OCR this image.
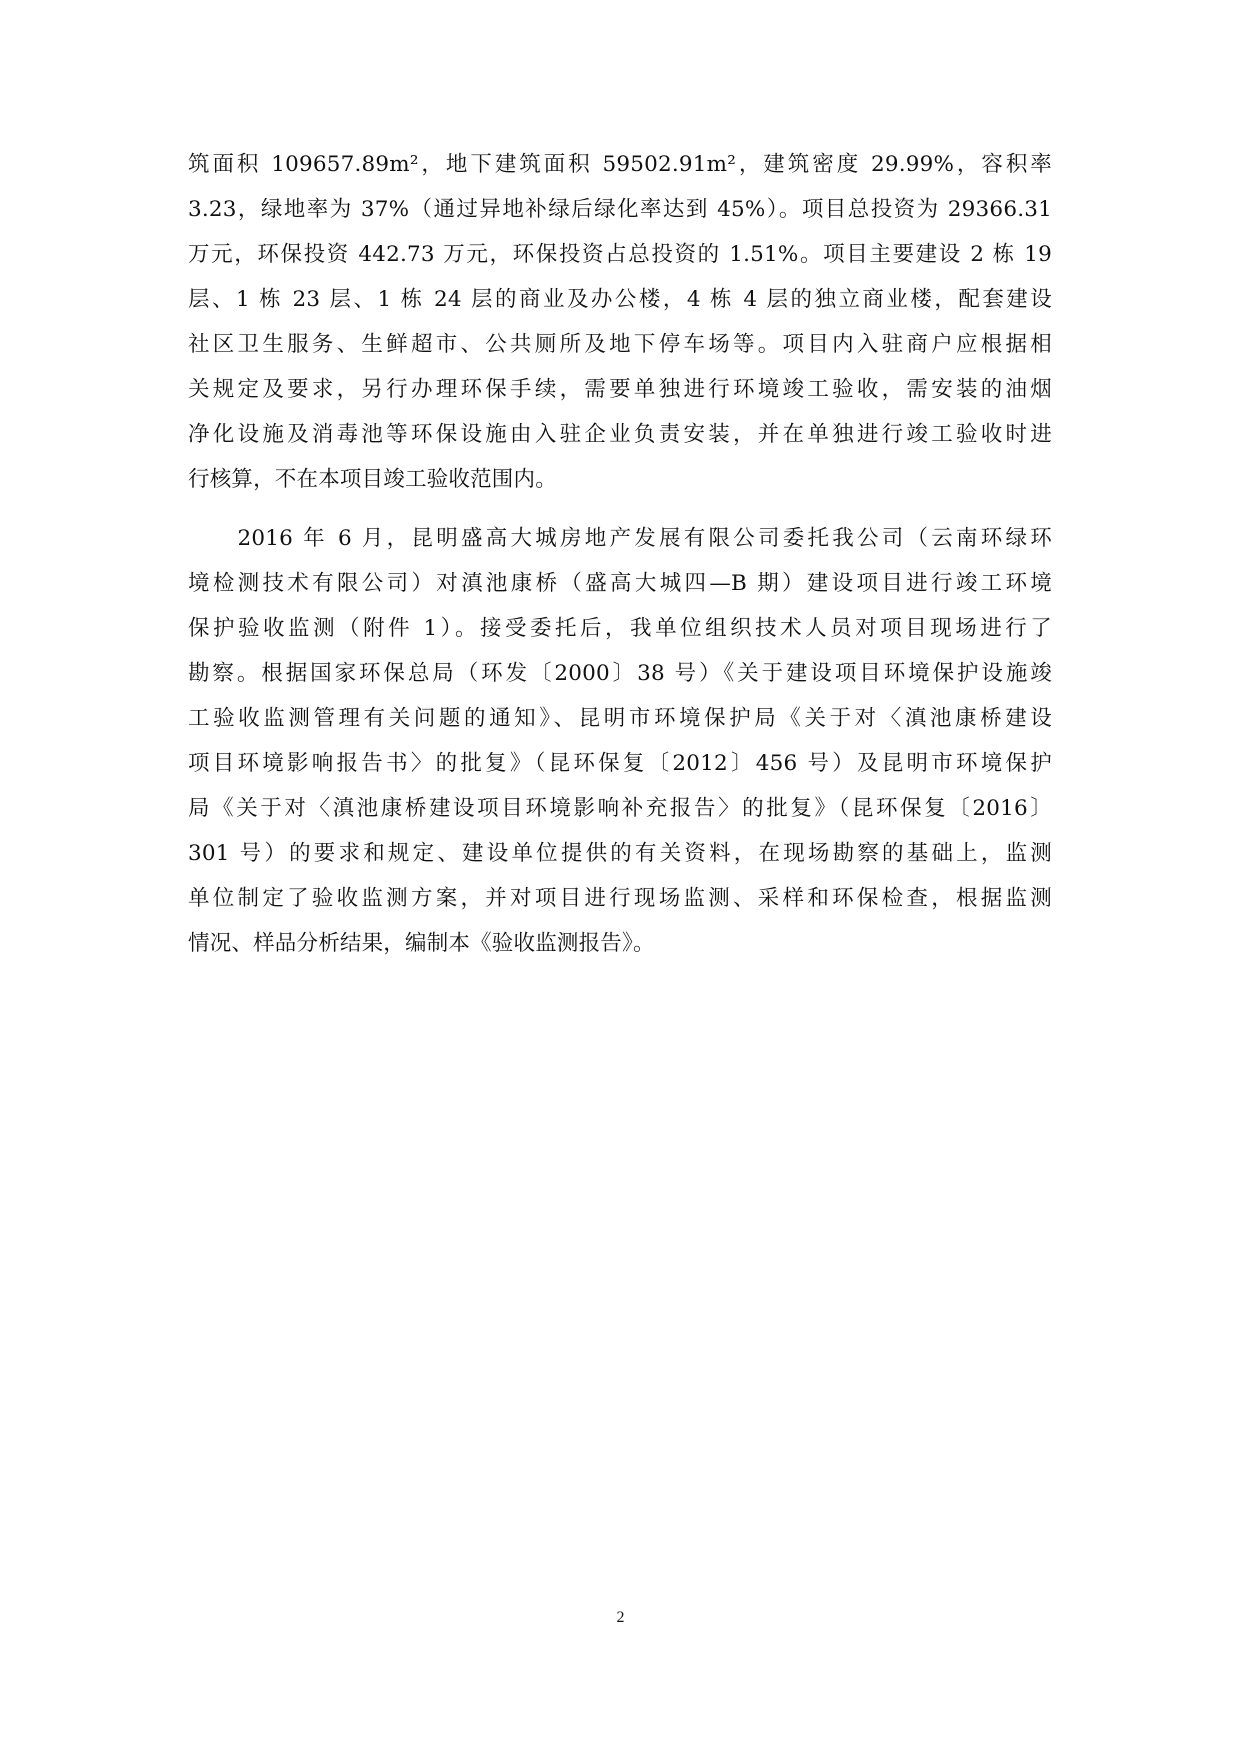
筑面积 109657.89m²，地下建筑面积 59502.91m²，建筑密度 29.99%，容积率
3.23，绿地率为 37%（通过异地补绿后绿化率达到 45%）。项目总投资为 29366.31
万元，环保投资 442.73 万元，环保投资占总投资的 1.51%。项目主要建设 2 栋 19
层、1 栋 23 层、1 栋 24 层的商业及办公楼，4 栋 4 层的独立商业楼，配套建设
社区卫生服务、生鲜超市、公共厕所及地下停车场等。项目内入驻商户应根据相
关规定及要求，另行办理环保手续，需要单独进行环境竣工验收，需安装的油烟
净化设施及消毒池等环保设施由入驻企业负责安装，并在单独进行竣工验收时进
行核算，不在本项目竣工验收范围内。
　　2016 年 6 月，昆明盛高大城房地产发展有限公司委托我公司（云南环绿环
境检测技术有限公司）对滇池康桥（盛高大城四—B 期）建设项目进行竣工环境
保护验收监测（附件 1）。接受委托后，我单位组织技术人员对项目现场进行了
勘察。根据国家环保总局（环发〔2000〕38 号）《关于建设项目环境保护设施竣
工验收监测管理有关问题的通知》、昆明市环境保护局《关于对〈滇池康桥建设
项目环境影响报告书〉的批复》（昆环保复〔2012〕456 号）及昆明市环境保护
局《关于对〈滇池康桥建设项目环境影响补充报告〉的批复》（昆环保复〔2016〕
301 号）的要求和规定、建设单位提供的有关资料，在现场勘察的基础上，监测
单位制定了验收监测方案，并对项目进行现场监测、采样和环保检查，根据监测
情况、样品分析结果，编制本《验收监测报告》。
2
